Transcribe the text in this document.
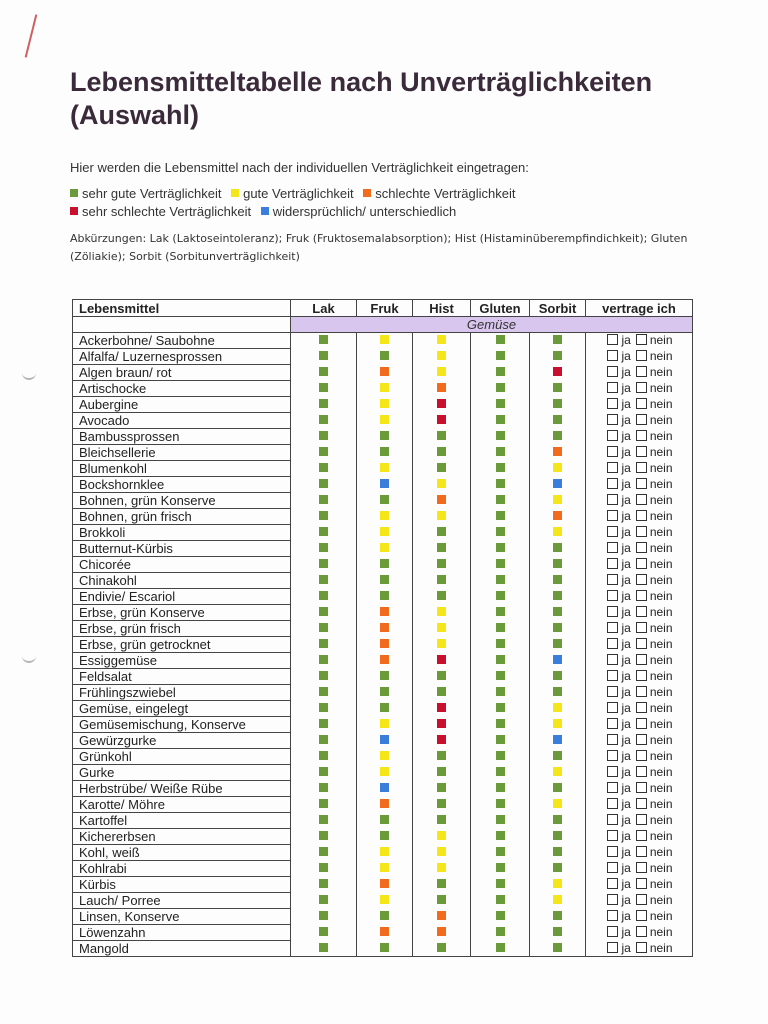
Lebensmitteltabelle nach Unverträglichkeiten (Auswahl)
Hier werden die Lebensmittel nach der individuellen Verträglichkeit eingetragen:
sehr gute Verträglichkeit gute Verträglichkeit schlechte Verträglichkeit sehr schlechte Verträglichkeit widersprüchlich/ unterschiedlich
Abkürzungen: Lak (Laktoseintoleranz); Fruk (Fruktosemalabsorption); Hist (Histaminüberempfindichkeit); Gluten (Zöliakie); Sorbit (Sorbitunverträglichkeit)
Lebensmittel	Lak	Fruk	Hist	Gluten	Sorbit	vertrage ich
	Gemüse					
Ackerbohne/ Saubohne						ja nein
Alfalfa/ Luzernesprossen						ja nein
Algen braun/ rot						ja nein
Artischocke						ja nein
Aubergine						ja nein
Avocado						ja nein
Bambussprossen						ja nein
Bleichsellerie						ja nein
Blumenkohl						ja nein
Bockshornklee						ja nein
Bohnen, grün Konserve						ja nein
Bohnen, grün frisch						ja nein
Brokkoli						ja nein
Butternut-Kürbis						ja nein
Chicorée						ja nein
Chinakohl						ja nein
Endivie/ Escariol						ja nein
Erbse, grün Konserve						ja nein
Erbse, grün frisch						ja nein
Erbse, grün getrocknet						ja nein
Essiggemüse						ja nein
Feldsalat						ja nein
Frühlingszwiebel						ja nein
Gemüse, eingelegt						ja nein
Gemüsemischung, Konserve						ja nein
Gewürzgurke						ja nein
Grünkohl						ja nein
Gurke						ja nein
Herbstrübe/ Weiße Rübe						ja nein
Karotte/ Möhre						ja nein
Kartoffel						ja nein
Kichererbsen						ja nein
Kohl, weiß						ja nein
Kohlrabi						ja nein
Kürbis						ja nein
Lauch/ Porree						ja nein
Linsen, Konserve						ja nein
Löwenzahn						ja nein
Mangold						ja nein
